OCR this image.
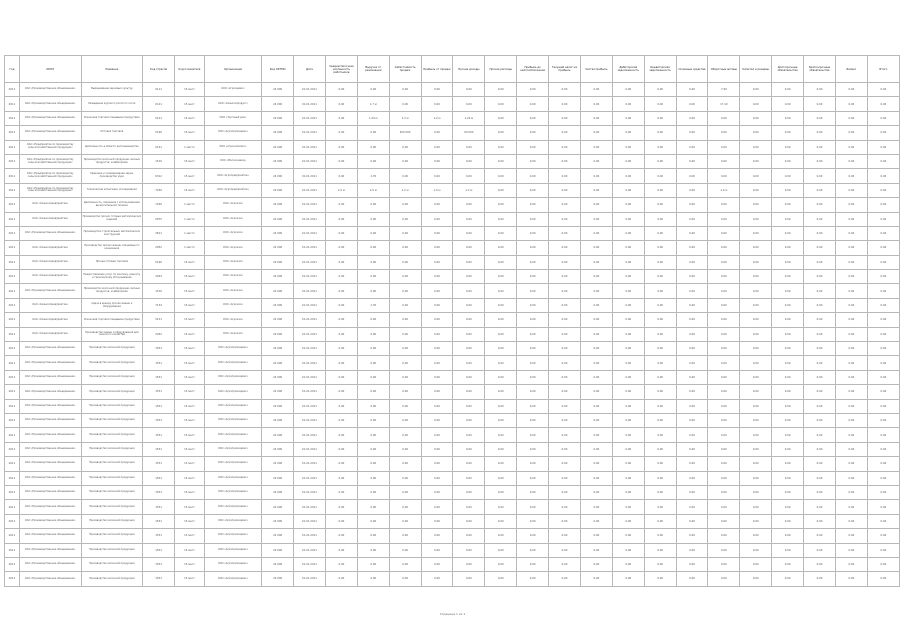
Год	ОКПО	Название	Код отрасли	Код показателя	Организация	Код ОКТМО	Дата	Среднесписочная численность работников	Выручка от реализации	Себестоимость продаж	Прибыль от продаж	Прочие доходы	Прочие расходы	Прибыль до налогообложения	Текущий налог на прибыль	Чистая прибыль	Дебиторская задолженность	Кредиторская задолженность	Основные средства	Оборотные активы	Капитал и резервы	Долгосрочные обязательства	Краткосрочные обязательства	Баланс	Итого
2011	ОАО «Производственное объединение»	Выращивание зерновых культур	0111	15 мест	ООО «Агросервис»	24 000	01.01.2011	0,00	0,00	0,00	0,00	0,00	0,00	0,00	0,00	0,00	0,00	0,00	0,00	7,99	0,00	0,00	0,00	0,00	0,00
2011	ОАО «Производственное объединение»	Разведение крупного рогатого скота	0121	15 мест	ООО «Сельхозпродукт»	24 000	01.01.2011	0,00	1,7 м	0,00	0,00	0,00	0,00	0,00	0,00	0,00	0,00	0,00	0,00	17,19	0,00	0,00	0,00	0,00	0,00
2011	ОАО «Производственное объединение»	Розничная торговля пищевыми продуктами	5211	15 мест	ООО «Торговый дом»	24 000	01.01.2011	0,00	1,29 м	1,3 м	1,2 м	1,29 м	0,00	0,00	0,00	0,00	0,00	0,00	0,00	0,00	0,00	0,00	0,00	0,00	0,00
2011	ОАО «Производственное объединение»	Оптовая торговля	5190	15 мест	ООО «Агропромсервис»	24 000	01.01.2011	0,00	0,00	400 000	0,00	60 000	0,00	0,00	0,00	0,00	0,00	0,00	0,00	0,00	0,00	0,00	0,00	0,00	0,00
2011	ОАО «Предприятие по производству сельскохозяйственной продукции»	Деятельность в области растениеводства	0141	1 место	ООО «Агрокомплекс»	24 000	01.01.2011	0,00	0,00	0,00	0,00	0,00	0,00	0,00	0,00	0,00	0,00	0,00	0,00	0,00	0,00	0,00	0,00	0,00	0,00
2011	ОАО «Предприятие по производству сельскохозяйственной продукции»	Производство молочной продукции, мясных продуктов, комбикормов	1510	15 мест	ООО «Молокозавод»	24 000	01.01.2011	0,00	0,00	0,00	0,00	0,00	0,00	0,00	0,00	0,00	0,00	0,00	0,00	0,00	0,00	0,00	0,00	0,00	0,00
2011	ОАО «Предприятие по производству сельскохозяйственной продукции»	Хранение и складирование зерна, производство муки	6312	15 мест	ООО «Агропредприятие»	24 000	01.01.2011	0,00	1,35	0,00	0,00	0,00	0,00	0,00	0,00	0,00	0,00	0,00	0,00	0,00	0,00	0,00	0,00	0,00	0,00
2011	ОАО «Предприятие по производству сельскохозяйственной продукции»	Технические испытания, исследования	7430	15 мест	ООО «Агропредприятие»	24 000	01.01.2011	1,0 м	1,0 м	1,2 м	1,0 м	1,2 м	0,00	0,00	0,00	0,00	0,00	0,00	0,00	1,4 м	0,00	0,00	0,00	0,00	0,00
2011	ОАО «Сельхозпредприятие»	Деятельность, связанная с использованием вычислительной техники	7240	1 место	ООО «Агроком»	24 000	01.01.2011	0,00	0,00	0,00	0,00	0,00	0,00	0,00	0,00	0,00	0,00	0,00	0,00	0,00	0,00	0,00	0,00	0,00	0,00
2011	ОАО «Сельхозпредприятие»	Производство прочих готовых металлических изделий	2875	1 место	ООО «Агроком»	24 000	01.01.2011	0,00	0,00	0,00	0,00	0,00	0,00	0,00	0,00	0,00	0,00	0,00	0,00	0,00	0,00	0,00	0,00	0,00	0,00
2011	ОАО «Производственное объединение»	Производство строительных металлических конструкций	2811	1 место	ООО «Агроком»	24 000	01.01.2011	0,00	0,00	0,00	0,00	0,00	0,00	0,00	0,00	0,00	0,00	0,00	0,00	0,00	0,00	0,00	0,00	0,00	0,00
2011	ОАО «Сельхозпредприятие»	Производство прочих машин специального назначения	2952	1 место	ООО «Агроком»	24 000	01.01.2011	0,00	0,00	0,00	0,00	0,00	0,00	0,00	0,00	0,00	0,00	0,00	0,00	0,00	0,00	0,00	0,00	0,00	0,00
2011	ОАО «Сельхозпредприятие»	Прочая оптовая торговля	5190	15 мест	ООО «Агроком»	24 000	01.01.2011	0,00	0,00	0,00	0,00	0,00	0,00	0,00	0,00	0,00	0,00	0,00	0,00	0,00	0,00	0,00	0,00	0,00	0,00
2011	ОАО «Сельхозпредприятие»	Предоставление услуг по монтажу, ремонту и техническому обслуживанию	2924	15 мест	ООО «Агроком»	24 000	01.01.2011	0,00	0,00	0,00	0,00	0,00	0,00	0,00	0,00	0,00	0,00	0,00	0,00	0,00	0,00	0,00	0,00	0,00	0,00
2011	ОАО «Производственное объединение»	Производство молочной продукции, мясных продуктов, комбикормов	1510	15 мест	ООО «Агроком»	24 000	01.01.2011	0,00	0,00	0,00	0,00	0,00	0,00	0,00	0,00	0,00	0,00	0,00	0,00	0,00	0,00	0,00	0,00	0,00	0,00
2011	ОАО «Сельхозпредприятие»	Сдача в аренду прочих машин и оборудования	7134	15 мест	ООО «Агроком»	24 000	01.01.2011	0,00	1,35	0,00	0,00	0,00	0,00	0,00	0,00	0,00	0,00	0,00	0,00	0,00	0,00	0,00	0,00	0,00	0,00
2011	ОАО «Сельхозпредприятие»	Розничная торговля пищевыми продуктами	5211	15 мест	ООО «Агроком»	24 000	01.01.2011	0,00	0,00	0,00	0,00	0,00	0,00	0,00	0,00	0,00	0,00	0,00	0,00	0,00	0,00	0,00	0,00	0,00	0,00
2011	ОАО «Сельхозпредприятие»	Производство машин и оборудования для сельского хозяйства	2932	15 мест	ООО «Агроком»	24 000	01.01.2011	0,00	0,00	0,00	0,00	0,00	0,00	0,00	0,00	0,00	0,00	0,00	0,00	0,00	0,00	0,00	0,00	0,00	0,00
2011	ОАО «Производственное объединение»	Производство молочной продукции	1551	15 мест	ООО «Агропромсервис»	24 000	01.01.2011	0,00	0,00	0,00	0,00	0,00	0,00	0,00	0,00	0,00	0,00	0,00	0,00	0,00	0,00	0,00	0,00	0,00	0,00
2011	ОАО «Производственное объединение»	Производство молочной продукции	1551	15 мест	ООО «Агропромсервис»	24 000	01.01.2011	0,00	0,00	0,00	0,00	0,00	0,00	0,00	0,00	0,00	0,00	0,00	0,00	0,00	0,00	0,00	0,00	0,00	0,00
2011	ОАО «Производственное объединение»	Производство молочной продукции	1551	15 мест	ООО «Агропромсервис»	24 000	01.01.2011	0,00	0,00	0,00	0,00	0,00	0,00	0,00	0,00	0,00	0,00	0,00	0,00	0,00	0,00	0,00	0,00	0,00	0,00
2011	ОАО «Производственное объединение»	Производство молочной продукции	1551	15 мест	ООО «Агропромсервис»	24 000	01.01.2011	0,00	0,00	0,00	0,00	0,00	0,00	0,00	0,00	0,00	0,00	0,00	0,00	0,00	0,00	0,00	0,00	0,00	0,00
2011	ОАО «Производственное объединение»	Производство молочной продукции	1551	15 мест	ООО «Агропромсервис»	24 000	01.01.2011	0,00	0,00	0,00	0,00	0,00	0,00	0,00	0,00	0,00	0,00	0,00	0,00	0,00	0,00	0,00	0,00	0,00	0,00
2011	ОАО «Производственное объединение»	Производство молочной продукции	1551	15 мест	ООО «Агропромсервис»	24 000	01.01.2011	0,00	0,00	0,00	0,00	0,00	0,00	0,00	0,00	0,00	0,00	0,00	0,00	0,00	0,00	0,00	0,00	0,00	0,00
2011	ОАО «Производственное объединение»	Производство молочной продукции	1551	15 мест	ООО «Агропромсервис»	24 000	01.01.2011	0,00	0,00	0,00	0,00	0,00	0,00	0,00	0,00	0,00	0,00	0,00	0,00	0,00	0,00	0,00	0,00	0,00	0,00
2011	ОАО «Производственное объединение»	Производство молочной продукции	1551	15 мест	ООО «Агропромсервис»	24 000	01.01.2011	0,00	0,00	0,00	0,00	0,00	0,00	0,00	0,00	0,00	0,00	0,00	0,00	0,00	0,00	0,00	0,00	0,00	0,00
2011	ОАО «Производственное объединение»	Производство молочной продукции	1551	15 мест	ООО «Агропромсервис»	24 000	01.01.2011	0,00	0,00	0,00	0,00	0,00	0,00	0,00	0,00	0,00	0,00	0,00	0,00	0,00	0,00	0,00	0,00	0,00	0,00
2011	ОАО «Производственное объединение»	Производство молочной продукции	1551	15 мест	ООО «Агропромсервис»	24 000	01.01.2011	0,00	0,00	0,00	0,00	0,00	0,00	0,00	0,00	0,00	0,00	0,00	0,00	0,00	0,00	0,00	0,00	0,00	0,00
2011	ОАО «Производственное объединение»	Производство молочной продукции	1551	15 мест	ООО «Агропромсервис»	24 000	01.01.2011	0,00	0,00	0,00	0,00	0,00	0,00	0,00	0,00	0,00	0,00	0,00	0,00	0,00	0,00	0,00	0,00	0,00	0,00
2011	ОАО «Производственное объединение»	Производство молочной продукции	1551	15 мест	ООО «Агропромсервис»	24 000	01.01.2011	0,00	0,00	0,00	0,00	0,00	0,00	0,00	0,00	0,00	0,00	0,00	0,00	0,00	0,00	0,00	0,00	0,00	0,00
2011	ОАО «Производственное объединение»	Производство молочной продукции	1551	15 мест	ООО «Агропромсервис»	24 000	01.01.2011	0,00	0,00	0,00	0,00	0,00	0,00	0,00	0,00	0,00	0,00	0,00	0,00	0,00	0,00	0,00	0,00	0,00	0,00
2011	ОАО «Производственное объединение»	Производство молочной продукции	1551	15 мест	ООО «Агропромсервис»	24 000	01.01.2011	0,00	0,00	0,00	0,00	0,00	0,00	0,00	0,00	0,00	0,00	0,00	0,00	0,00	0,00	0,00	0,00	0,00	0,00
2011	ОАО «Производственное объединение»	Производство молочной продукции	1551	15 мест	ООО «Агропромсервис»	24 000	01.01.2011	0,00	0,00	0,00	0,00	0,00	0,00	0,00	0,00	0,00	0,00	0,00	0,00	0,00	0,00	0,00	0,00	0,00	0,00
2011	ОАО «Производственное объединение»	Производство молочной продукции	1551	15 мест	ООО «Агропромсервис»	24 000	01.01.2011	0,00	0,00	0,00	0,00	0,00	0,00	0,00	0,00	0,00	0,00	0,00	0,00	0,00	0,00	0,00	0,00	0,00	0,00
2011	ОАО «Производственное объединение»	Производство молочной продукции	1551	15 мест	ООО «Агропромсервис»	24 000	01.01.2011	0,00	0,00	0,00	0,00	0,00	0,00	0,00	0,00	0,00	0,00	0,00	0,00	0,00	0,00	0,00	0,00	0,00	0,00
Страница 1 из 1
